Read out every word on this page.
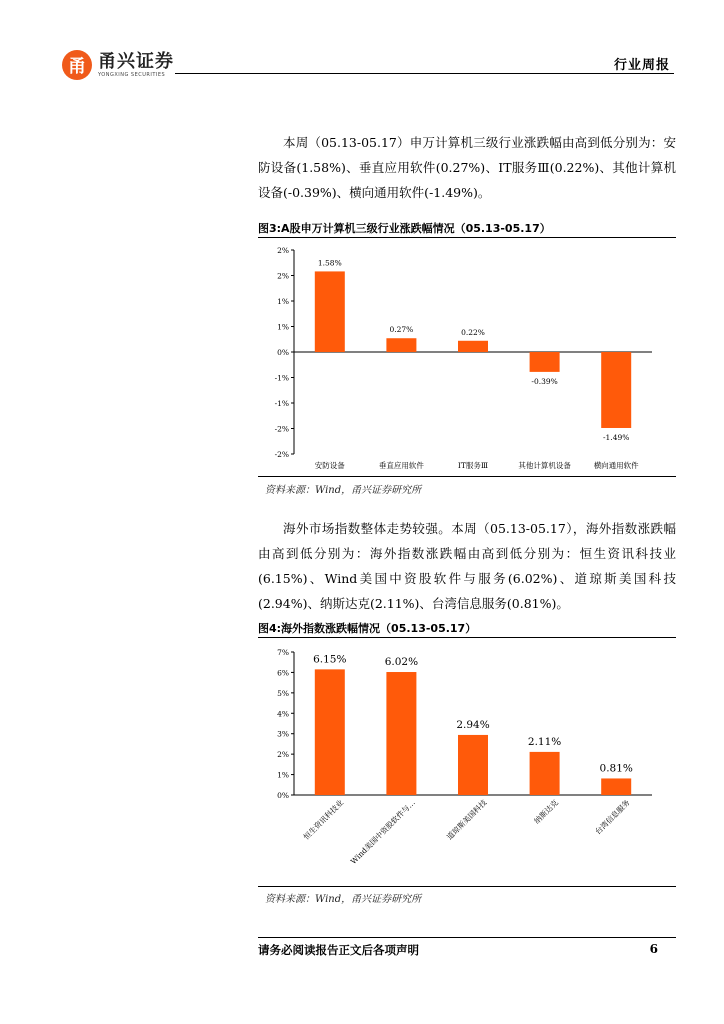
甬 甬兴证券
YONGXING SECURITIES
行业周报

本周（05.13-05.17）申万计算机三级行业涨跌幅由高到低分别为：安防设备(1.58%)、垂直应用软件(0.27%)、IT服务Ⅲ(0.22%)、其他计算机设备(-0.39%)、横向通用软件(-1.49%)。

图3:A股申万计算机三级行业涨跌幅情况（05.13-05.17）
2%
2%
1%
1%
0%
-1%
-1%
-2%
-2%
1.58%
安防设备
0.27%
垂直应用软件
0.22%
IT服务Ⅲ
-0.39%
其他计算机设备
-1.49%
横向通用软件
资料来源：Wind，甬兴证券研究所

海外市场指数整体走势较强。本周（05.13-05.17），海外指数涨跌幅由高到低分别为：海外指数涨跌幅由高到低分别为：恒生资讯科技业(6.15%)、Wind美国中资股软件与服务(6.02%)、道琼斯美国科技(2.94%)、纳斯达克(2.11%)、台湾信息服务(0.81%)。

图4:海外指数涨跌幅情况（05.13-05.17）
0%
1%
2%
3%
4%
5%
6%
7%
6.15%
恒生资讯科技业
6.02%
Wind美国中资股软件与…
2.94%
道琼斯美国科技
2.11%
纳斯达克
0.81%
台湾信息服务
资料来源：Wind，甬兴证券研究所
请务必阅读报告正文后各项声明	6
